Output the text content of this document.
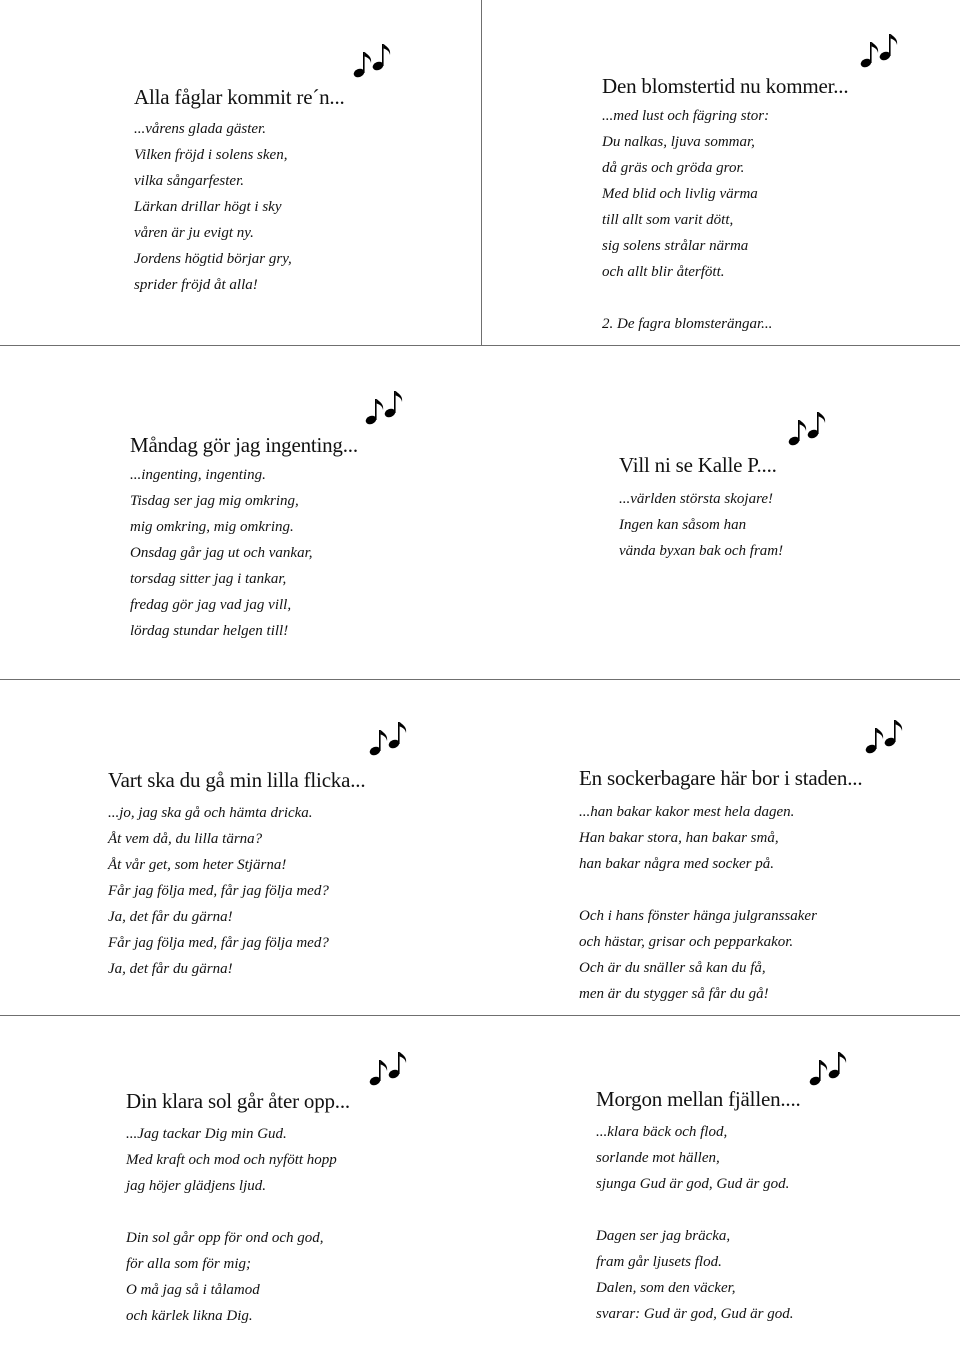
Alla fåglar kommit re´n...
...vårens glada gäster.
Vilken fröjd i solens sken,
vilka sångarfester.
Lärkan drillar högt i sky
våren är ju evigt ny.
Jordens högtid börjar gry,
sprider fröjd åt alla!
Den blomstertid nu kommer...
...med lust och fägring stor:
Du nalkas, ljuva sommar,
då gräs och gröda gror.
Med blid och livlig värma
till allt som varit dött,
sig solens strålar närma
och allt blir återfött.
2. De fagra blomsterängar...
Måndag gör jag ingenting...
...ingenting, ingenting.
Tisdag ser jag mig omkring,
mig omkring, mig omkring.
Onsdag går jag ut och vankar,
torsdag sitter jag i tankar,
fredag gör jag vad jag vill,
lördag stundar helgen till!
Vill ni se Kalle P....
...världen största skojare!
Ingen kan såsom han
vända byxan bak och fram!
Vart ska du gå min lilla flicka...
...jo, jag ska gå och hämta dricka.
Åt vem då, du lilla tärna?
Åt vår get, som heter Stjärna!
Får jag följa med, får jag följa med?
Ja, det får du gärna!
Får jag följa med, får jag följa med?
Ja, det får du gärna!
En sockerbagare här bor i staden...
...han bakar kakor mest hela dagen.
Han bakar stora, han bakar små,
han bakar några med socker på.
Och i hans fönster hänga julgranssaker
och hästar, grisar och pepparkakor.
Och är du snäller så kan du få,
men är du stygger så får du gå!
Din klara sol går åter opp...
...Jag tackar Dig min Gud.
Med kraft och mod och nyfött hopp
jag höjer glädjens ljud.
Din sol går opp för ond och god,
för alla som för mig;
O må jag så i tålamod
och kärlek likna Dig.
Morgon mellan fjällen....
...klara bäck och flod,
sorlande mot hällen,
sjunga Gud är god, Gud är god.
Dagen ser jag bräcka,
fram går ljusets flod.
Dalen, som den väcker,
svarar: Gud är god, Gud är god.
